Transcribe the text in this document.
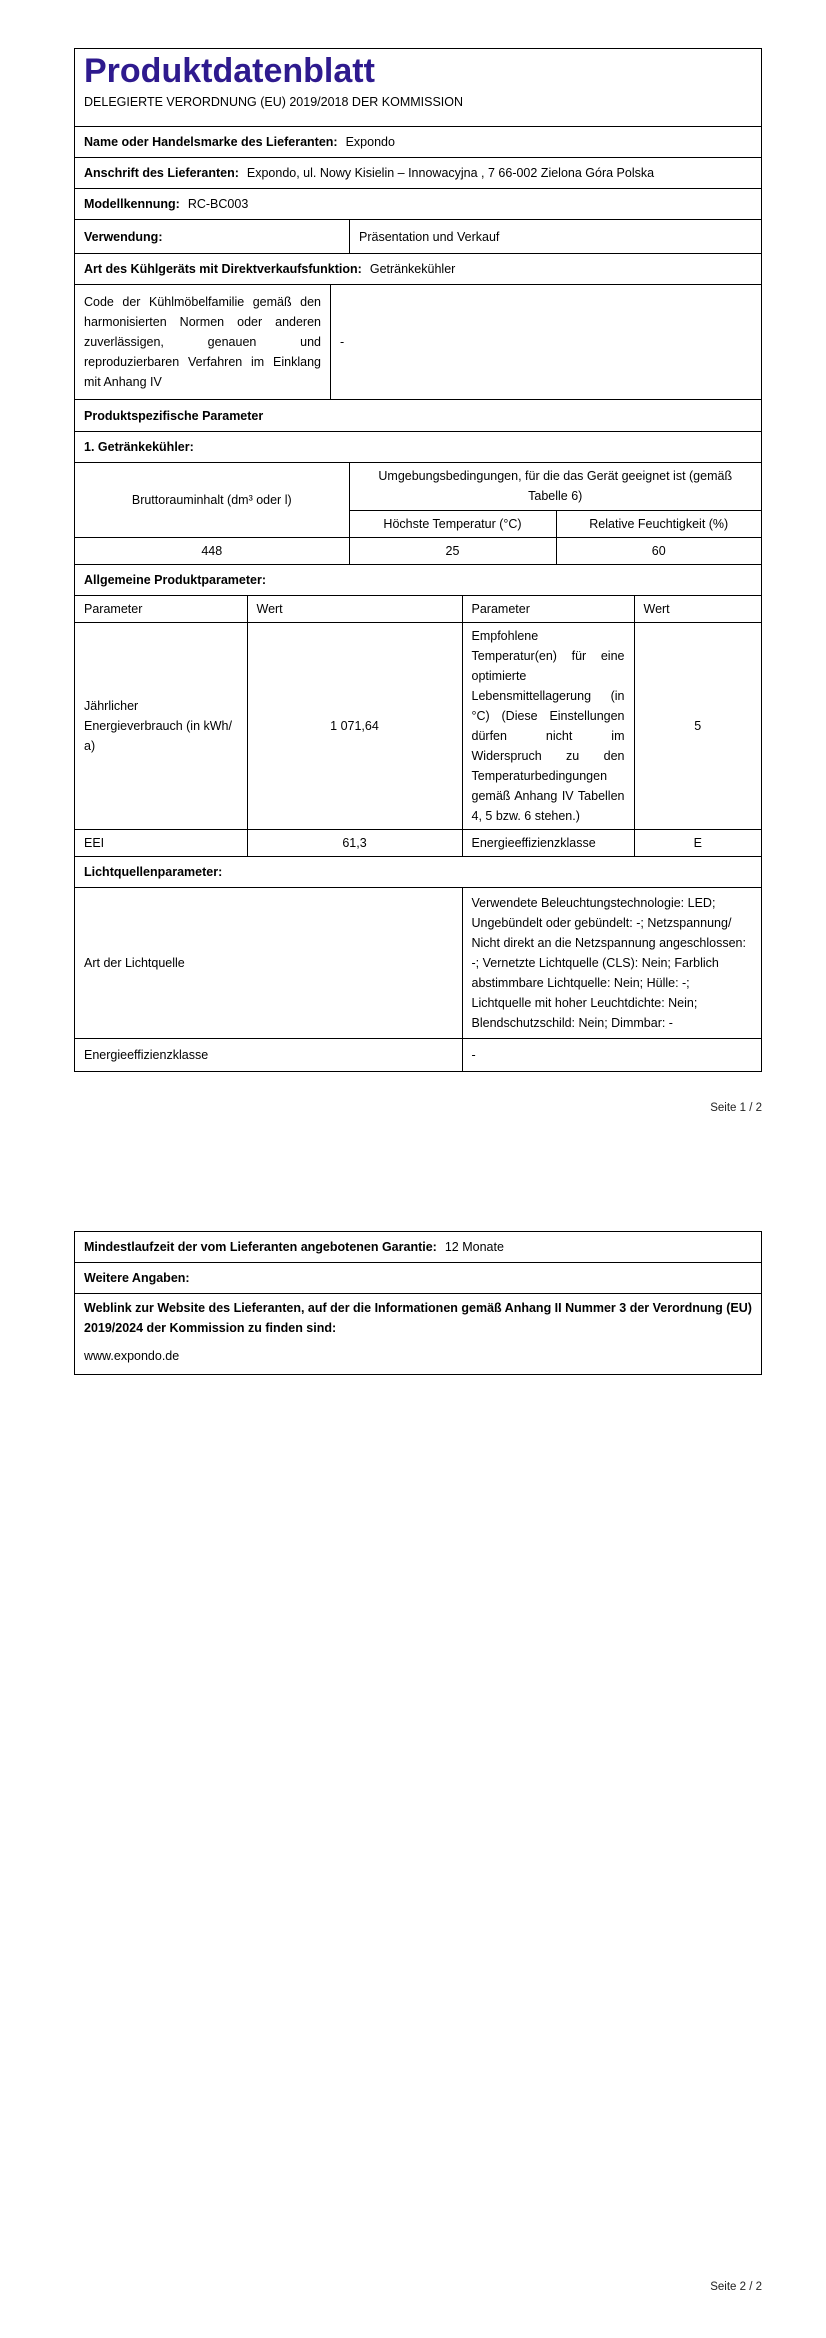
Produktdatenblatt
DELEGIERTE VERORDNUNG (EU) 2019/2018 DER KOMMISSION
Name oder Handelsmarke des Lieferanten: Expondo
Anschrift des Lieferanten: Expondo, ul. Nowy Kisielin – Innowacyjna , 7 66-002 Zielona Góra Polska
Modellkennung: RC-BC003
Verwendung:	Präsentation und Verkauf
Art des Kühlgeräts mit Direktverkaufsfunktion: Getränkekühler
Code der Kühlmöbelfamilie gemäß den harmonisierten Normen oder anderen zuverlässigen, genauen und reproduzierbaren Verfahren im Einklang mit Anhang IV
-
Produktspezifische Parameter
1. Getränkekühler:
Bruttorauminhalt (dm³ oder l)	Umgebungsbedingungen, für die das Gerät geeignet ist (gemäß Tabelle 6)	
	Höchste Temperatur (°C)	Relative Feuchtigkeit (%)
448	25	60
Allgemeine Produktparameter:
Parameter	Wert	Parameter	Wert
Jährlicher Energieverbrauch (in kWh/ a)	1 071,64	Empfohlene Temperatur(en) für eine optimierte Lebensmittellagerung (in °C) (Diese Einstellungen dürfen nicht im Widerspruch zu den Temperaturbedingungen gemäß Anhang IV Tabellen 4, 5 bzw. 6 stehen.)	5
EEI	61,3	Energieeffizienzklasse	E
Lichtquellenparameter:
Art der Lichtquelle	Verwendete Beleuchtungstechnologie: LED; Ungebündelt oder gebündelt: -; Netzspannung/ Nicht direkt an die Netzspannung angeschlossen: -; Vernetzte Lichtquelle (CLS): Nein; Farblich abstimmbare Lichtquelle: Nein; Hülle: -; Lichtquelle mit hoher Leuchtdichte: Nein; Blendschutzschild: Nein; Dimmbar: -
Energieeffizienzklasse	-
Seite 1 / 2
Mindestlaufzeit der vom Lieferanten angebotenen Garantie: 12 Monate
Weitere Angaben:
Weblink zur Website des Lieferanten, auf der die Informationen gemäß Anhang II Nummer 3 der Verordnung (EU) 2019/2024 der Kommission zu finden sind:
www.expondo.de
Seite 2 / 2
